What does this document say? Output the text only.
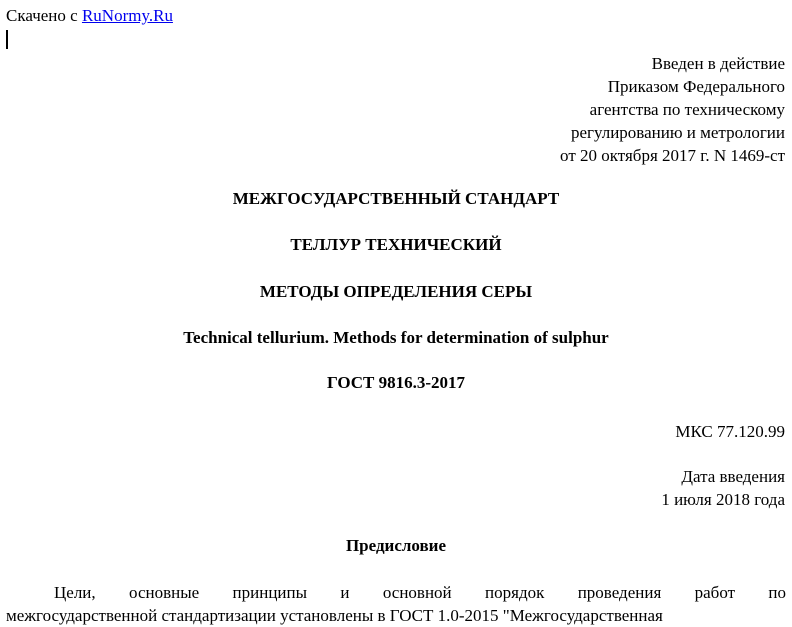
Скачено с RuNormy.Ru
Введен в действие
Приказом Федерального
агентства по техническому
регулированию и метрологии
от 20 октября 2017 г. N 1469-ст
МЕЖГОСУДАРСТВЕННЫЙ СТАНДАРТ
ТЕЛЛУР ТЕХНИЧЕСКИЙ
МЕТОДЫ ОПРЕДЕЛЕНИЯ СЕРЫ
Technical tellurium. Methods for determination of sulphur
ГОСТ 9816.3-2017
МКС 77.120.99
Дата введения
1 июля 2018 года
Предисловие
Цели, основные принципы и основной порядок проведения работ по
межгосударственной стандартизации установлены в ГОСТ 1.0-2015 "Межгосударственная
